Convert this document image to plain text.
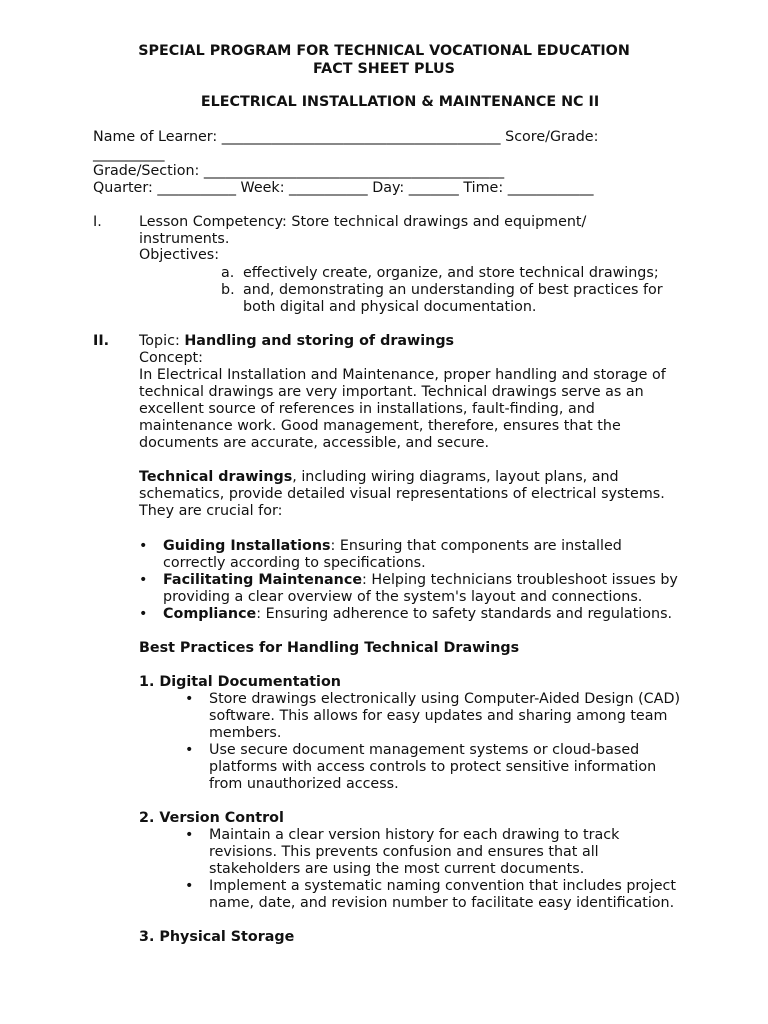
SPECIAL PROGRAM FOR TECHNICAL VOCATIONAL EDUCATION
FACT SHEET PLUS
ELECTRICAL INSTALLATION & MAINTENANCE NC II
Name of Learner: _______________________________________ Score/Grade:
__________
Grade/Section: __________________________________________
Quarter: ___________ Week: ___________ Day: _______ Time: ____________
I.	Lesson Competency: Store technical drawings and equipment/
instruments.
Objectives:
a. effectively create, organize, and store technical drawings;
b. and, demonstrating an understanding of best practices for
both digital and physical documentation.
II. Topic: Handling and storing of drawings
Concept:
In Electrical Installation and Maintenance, proper handling and storage of
technical drawings are very important. Technical drawings serve as an
excellent source of references in installations, fault-finding, and
maintenance work. Good management, therefore, ensures that the
documents are accurate, accessible, and secure.
Technical drawings, including wiring diagrams, layout plans, and
schematics, provide detailed visual representations of electrical systems.
They are crucial for:
• Guiding Installations: Ensuring that components are installed
correctly according to specifications.
• Facilitating Maintenance: Helping technicians troubleshoot issues by
providing a clear overview of the system's layout and connections.
• Compliance: Ensuring adherence to safety standards and regulations.
Best Practices for Handling Technical Drawings
1. Digital Documentation
• Store drawings electronically using Computer-Aided Design (CAD)
software. This allows for easy updates and sharing among team
members.
• Use secure document management systems or cloud-based
platforms with access controls to protect sensitive information
from unauthorized access.
2. Version Control
• Maintain a clear version history for each drawing to track
revisions. This prevents confusion and ensures that all
stakeholders are using the most current documents.
• Implement a systematic naming convention that includes project
name, date, and revision number to facilitate easy identification.
3. Physical Storage
